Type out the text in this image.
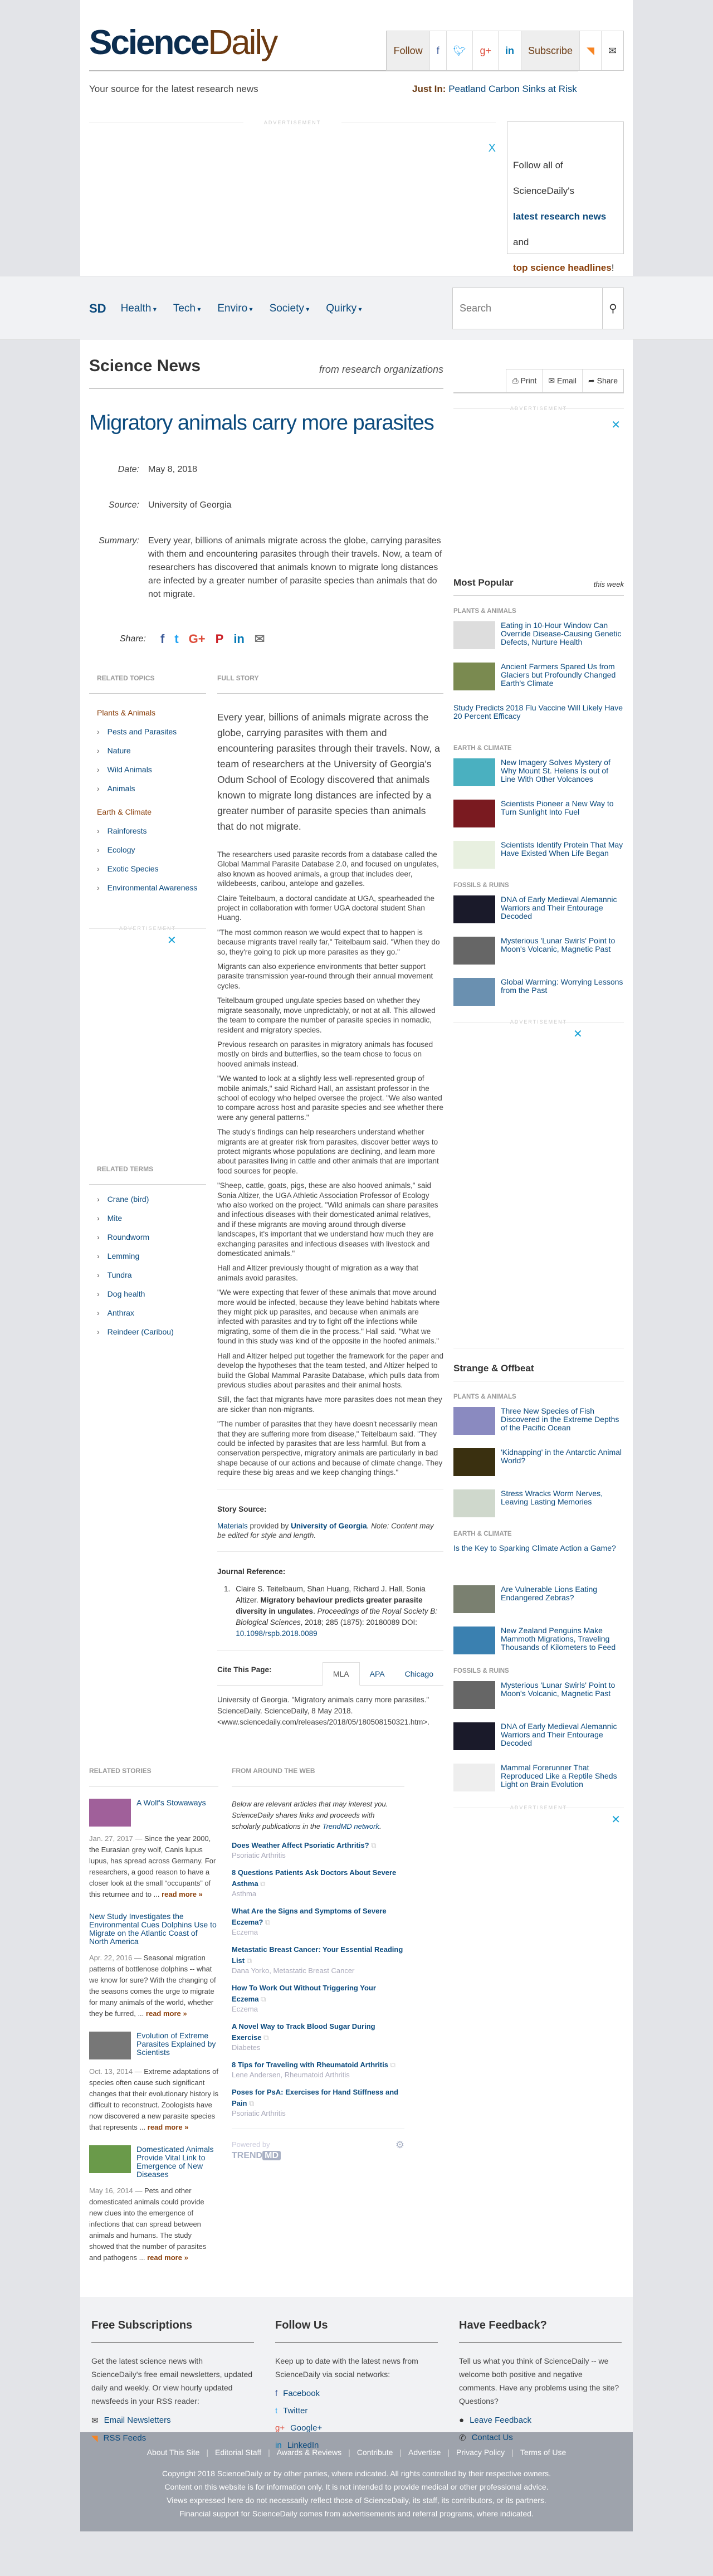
ScienceDaily	Follow	f	🐦︎	g+	in	Subscribe	◥	✉
Your source for the latest research news	Just In: Peatland Carbon Sinks at Risk
ADVERTISEMENT
X
Follow all of ScienceDaily's
latest research news and
top science headlines!
SD Health ▾	Tech ▾	Enviro ▾	Society ▾	Quirky ▾
Search	⚲
Science News	from research organizations
Migratory animals carry more parasites
Date: May 8, 2018
Source: University of Georgia
Summary: Every year, billions of animals migrate across the globe, carrying parasites with them and encountering parasites through their travels. Now, a team of researchers has discovered that animals known to migrate long distances are infected by a greater number of parasite species than animals that do not migrate.
Share: f t G+ P in ✉
RELATED TOPICS
Plants & Animals
› Pests and Parasites
› Nature
› Wild Animals
› Animals
Earth & Climate
› Rainforests
› Ecology
› Exotic Species
› Environmental Awareness
ADVERTISEMENT
✕
RELATED TERMS
› Crane (bird)
› Mite
› Roundworm
› Lemming
› Tundra
› Dog health
› Anthrax
› Reindeer (Caribou)
FULL STORY

Every year, billions of animals migrate across the globe, carrying parasites with them and encountering parasites through their travels. Now, a team of researchers at the University of Georgia's Odum School of Ecology discovered that animals known to migrate long distances are infected by a greater number of parasite species than animals that do not migrate.

The researchers used parasite records from a database called the Global Mammal Parasite Database 2.0, and focused on ungulates, also known as hooved animals, a group that includes deer, wildebeests, caribou, antelope and gazelles.

Claire Teitelbaum, a doctoral candidate at UGA, spearheaded the project in collaboration with former UGA doctoral student Shan Huang.

"The most common reason we would expect that to happen is because migrants travel really far," Teitelbaum said. "When they do so, they're going to pick up more parasites as they go."

Migrants can also experience environments that better support parasite transmission year-round through their annual movement cycles.

Teitelbaum grouped ungulate species based on whether they migrate seasonally, move unpredictably, or not at all. This allowed the team to compare the number of parasite species in nomadic, resident and migratory species.

Previous research on parasites in migratory animals has focused mostly on birds and butterflies, so the team chose to focus on hooved animals instead.

"We wanted to look at a slightly less well-represented group of mobile animals," said Richard Hall, an assistant professor in the school of ecology who helped oversee the project. "We also wanted to compare across host and parasite species and see whether there were any general patterns."

The study's findings can help researchers understand whether migrants are at greater risk from parasites, discover better ways to protect migrants whose populations are declining, and learn more about parasites living in cattle and other animals that are important food sources for people.

"Sheep, cattle, goats, pigs, these are also hooved animals," said Sonia Altizer, the UGA Athletic Association Professor of Ecology who also worked on the project. "Wild animals can share parasites and infectious diseases with their domesticated animal relatives, and if these migrants are moving around through diverse landscapes, it's important that we understand how much they are exchanging parasites and infectious diseases with livestock and domesticated animals."

Hall and Altizer previously thought of migration as a way that animals avoid parasites.

"We were expecting that fewer of these animals that move around more would be infected, because they leave behind habitats where they might pick up parasites, and because when animals are infected with parasites and try to fight off the infections while migrating, some of them die in the process." Hall said. "What we found in this study was kind of the opposite in the hoofed animals."

Hall and Altizer helped put together the framework for the paper and develop the hypotheses that the team tested, and Altizer helped to build the Global Mammal Parasite Database, which pulls data from previous studies about parasites and their animal hosts.

Still, the fact that migrants have more parasites does not mean they are sicker than non-migrants.

"The number of parasites that they have doesn't necessarily mean that they are suffering more from disease," Teitelbaum said. "They could be infected by parasites that are less harmful. But from a conservation perspective, migratory animals are particularly in bad shape because of our actions and because of climate change. They require these big areas and we keep changing things."

Story Source:

Materials provided by University of Georgia. Note: Content may be edited for style and length.

Journal Reference:
1. Claire S. Teitelbaum, Shan Huang, Richard J. Hall, Sonia Altizer. Migratory behaviour predicts greater parasite diversity in ungulates. Proceedings of the Royal Society B: Biological Sciences, 2018; 285 (1875): 20180089 DOI: 10.1098/rspb.2018.0089
Cite This Page:	MLA	APA	Chicago
University of Georgia. "Migratory animals carry more parasites." ScienceDaily. ScienceDaily, 8 May 2018. <www.sciencedaily.com/releases/2018/05/180508150321.htm>.
RELATED STORIES
A Wolf's Stowaways
Jan. 27, 2017 — Since the year 2000, the Eurasian grey wolf, Canis lupus lupus, has spread across Germany. For researchers, a good reason to have a closer look at the small “occupants” of this returnee and to ... read more »
New Study Investigates the Environmental Cues Dolphins Use to Migrate on the Atlantic Coast of North America
Apr. 22, 2016 — Seasonal migration patterns of bottlenose dolphins -- what we know for sure? With the changing of the seasons comes the urge to migrate for many animals of the world, whether they be furred, ... read more »
Evolution of Extreme Parasites Explained by Scientists
Oct. 13, 2014 — Extreme adaptations of species often cause such significant changes that their evolutionary history is difficult to reconstruct. Zoologists have now discovered a new parasite species that represents ... read more »
Domesticated Animals Provide Vital Link to Emergence of New Diseases
May 16, 2014 — Pets and other domesticated animals could provide new clues into the emergence of infections that can spread between animals and humans. The study showed that the number of parasites and pathogens ... read more »
FROM AROUND THE WEB

Below are relevant articles that may interest you. ScienceDaily shares links and proceeds with scholarly publications in the TrendMD network.

Does Weather Affect Psoriatic Arthritis? ⧉
Psoriatic Arthritis
8 Questions Patients Ask Doctors About Severe Asthma ⧉
Asthma
What Are the Signs and Symptoms of Severe Eczema? ⧉
Eczema
Metastatic Breast Cancer: Your Essential Reading List ⧉
Dana Yorko, Metastatic Breast Cancer
How To Work Out Without Triggering Your Eczema ⧉
Eczema
A Novel Way to Track Blood Sugar During Exercise ⧉
Diabetes
8 Tips for Traveling with Rheumatoid Arthritis ⧉
Lene Andersen, Rheumatoid Arthritis
Poses for PsA: Exercises for Hand Stiffness and Pain ⧉
Psoriatic Arthritis
Powered by
TREND MD
⚙
⎙ Print	✉ Email	➦ Share
ADVERTISEMENT
✕
Most Popular	this week
PLANTS & ANIMALS
Eating in 10-Hour Window Can Override Disease-Causing Genetic Defects, Nurture Health
Ancient Farmers Spared Us from Glaciers but Profoundly Changed Earth's Climate
Study Predicts 2018 Flu Vaccine Will Likely Have 20 Percent Efficacy
EARTH & CLIMATE
New Imagery Solves Mystery of Why Mount St. Helens Is out of Line With Other Volcanoes
Scientists Pioneer a New Way to Turn Sunlight Into Fuel
Scientists Identify Protein That May Have Existed When Life Began
FOSSILS & RUINS
DNA of Early Medieval Alemannic Warriors and Their Entourage Decoded
Mysterious 'Lunar Swirls' Point to Moon's Volcanic, Magnetic Past
Global Warming: Worrying Lessons from the Past
ADVERTISEMENT
✕
Strange & Offbeat
PLANTS & ANIMALS
Three New Species of Fish Discovered in the Extreme Depths of the Pacific Ocean
'Kidnapping' in the Antarctic Animal World?
Stress Wracks Worm Nerves, Leaving Lasting Memories
EARTH & CLIMATE
Is the Key to Sparking Climate Action a Game?
Are Vulnerable Lions Eating Endangered Zebras?
New Zealand Penguins Make Mammoth Migrations, Traveling Thousands of Kilometers to Feed
FOSSILS & RUINS
Mysterious 'Lunar Swirls' Point to Moon's Volcanic, Magnetic Past
DNA of Early Medieval Alemannic Warriors and Their Entourage Decoded
Mammal Forerunner That Reproduced Like a Reptile Sheds Light on Brain Evolution
ADVERTISEMENT
✕
Free Subscriptions

Get the latest science news with ScienceDaily's free email newsletters, updated daily and weekly. Or view hourly updated newsfeeds in your RSS reader:

✉ Email Newsletters
◥ RSS Feeds
Follow Us

Keep up to date with the latest news from ScienceDaily via social networks:

f Facebook
t Twitter
g+ Google+
in LinkedIn
Have Feedback?

Tell us what you think of ScienceDaily -- we welcome both positive and negative comments. Have any problems using the site? Questions?

● Leave Feedback
✆ Contact Us
About This Site | Editorial Staff | Awards & Reviews | Contribute | Advertise | Privacy Policy | Terms of Use

Copyright 2018 ScienceDaily or by other parties, where indicated. All rights controlled by their respective owners.
Content on this website is for information only. It is not intended to provide medical or other professional advice.
Views expressed here do not necessarily reflect those of ScienceDaily, its staff, its contributors, or its partners.
Financial support for ScienceDaily comes from advertisements and referral programs, where indicated.
